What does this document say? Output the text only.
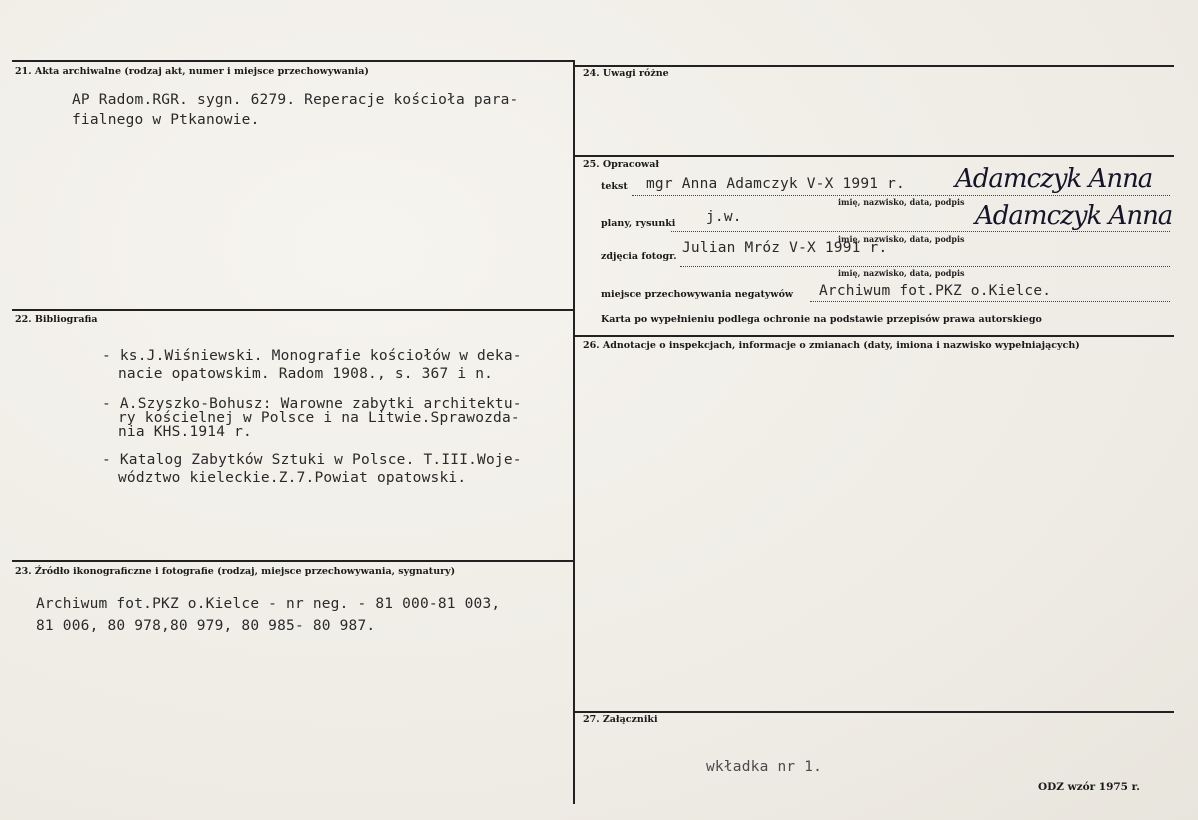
21. Akta archiwalne (rodzaj akt, numer i miejsce przechowywania)
AP Radom.RGR. sygn. 6279. Reperacje kościoła para-
fialnego w Ptkanowie.
22. Bibliografia
- ks.J.Wiśniewski. Monografie kościołów w deka-
nacie opatowskim. Radom 1908., s. 367 i n.
- A.Szyszko-Bohusz: Warowne zabytki architektu-
ry kościelnej w Polsce i na Litwie.Sprawozda-
nia KHS.1914 r.
- Katalog Zabytków Sztuki w Polsce. T.III.Woje-
wództwo kieleckie.Z.7.Powiat opatowski.
23. Źródło ikonograficzne i fotografie (rodzaj, miejsce przechowywania, sygnatury)
Archiwum fot.PKZ o.Kielce - nr neg. - 81 000-81 003,
81 006, 80 978,80 979, 80 985- 80 987.
24. Uwagi różne
25. Opracował
tekst mgr Anna Adamczyk V-X 1991 r. Adamczyk Anna
imię, nazwisko, data, podpis
plany, rysunki j.w.	Adamczyk Anna
imię, nazwisko, data, podpis
zdjęcia fotogr.
Julian Mróz V-X 1991 r.
imię, nazwisko, data, podpis
miejsce przechowywania negatywów Archiwum fot.PKZ o.Kielce.
Karta po wypełnieniu podlega ochronie na podstawie przepisów prawa autorskiego
26. Adnotacje o inspekcjach, informacje o zmianach (daty, imiona i nazwisko wypełniających)
27. Załączniki
wkładka nr 1.
ODZ wzór 1975 r.
